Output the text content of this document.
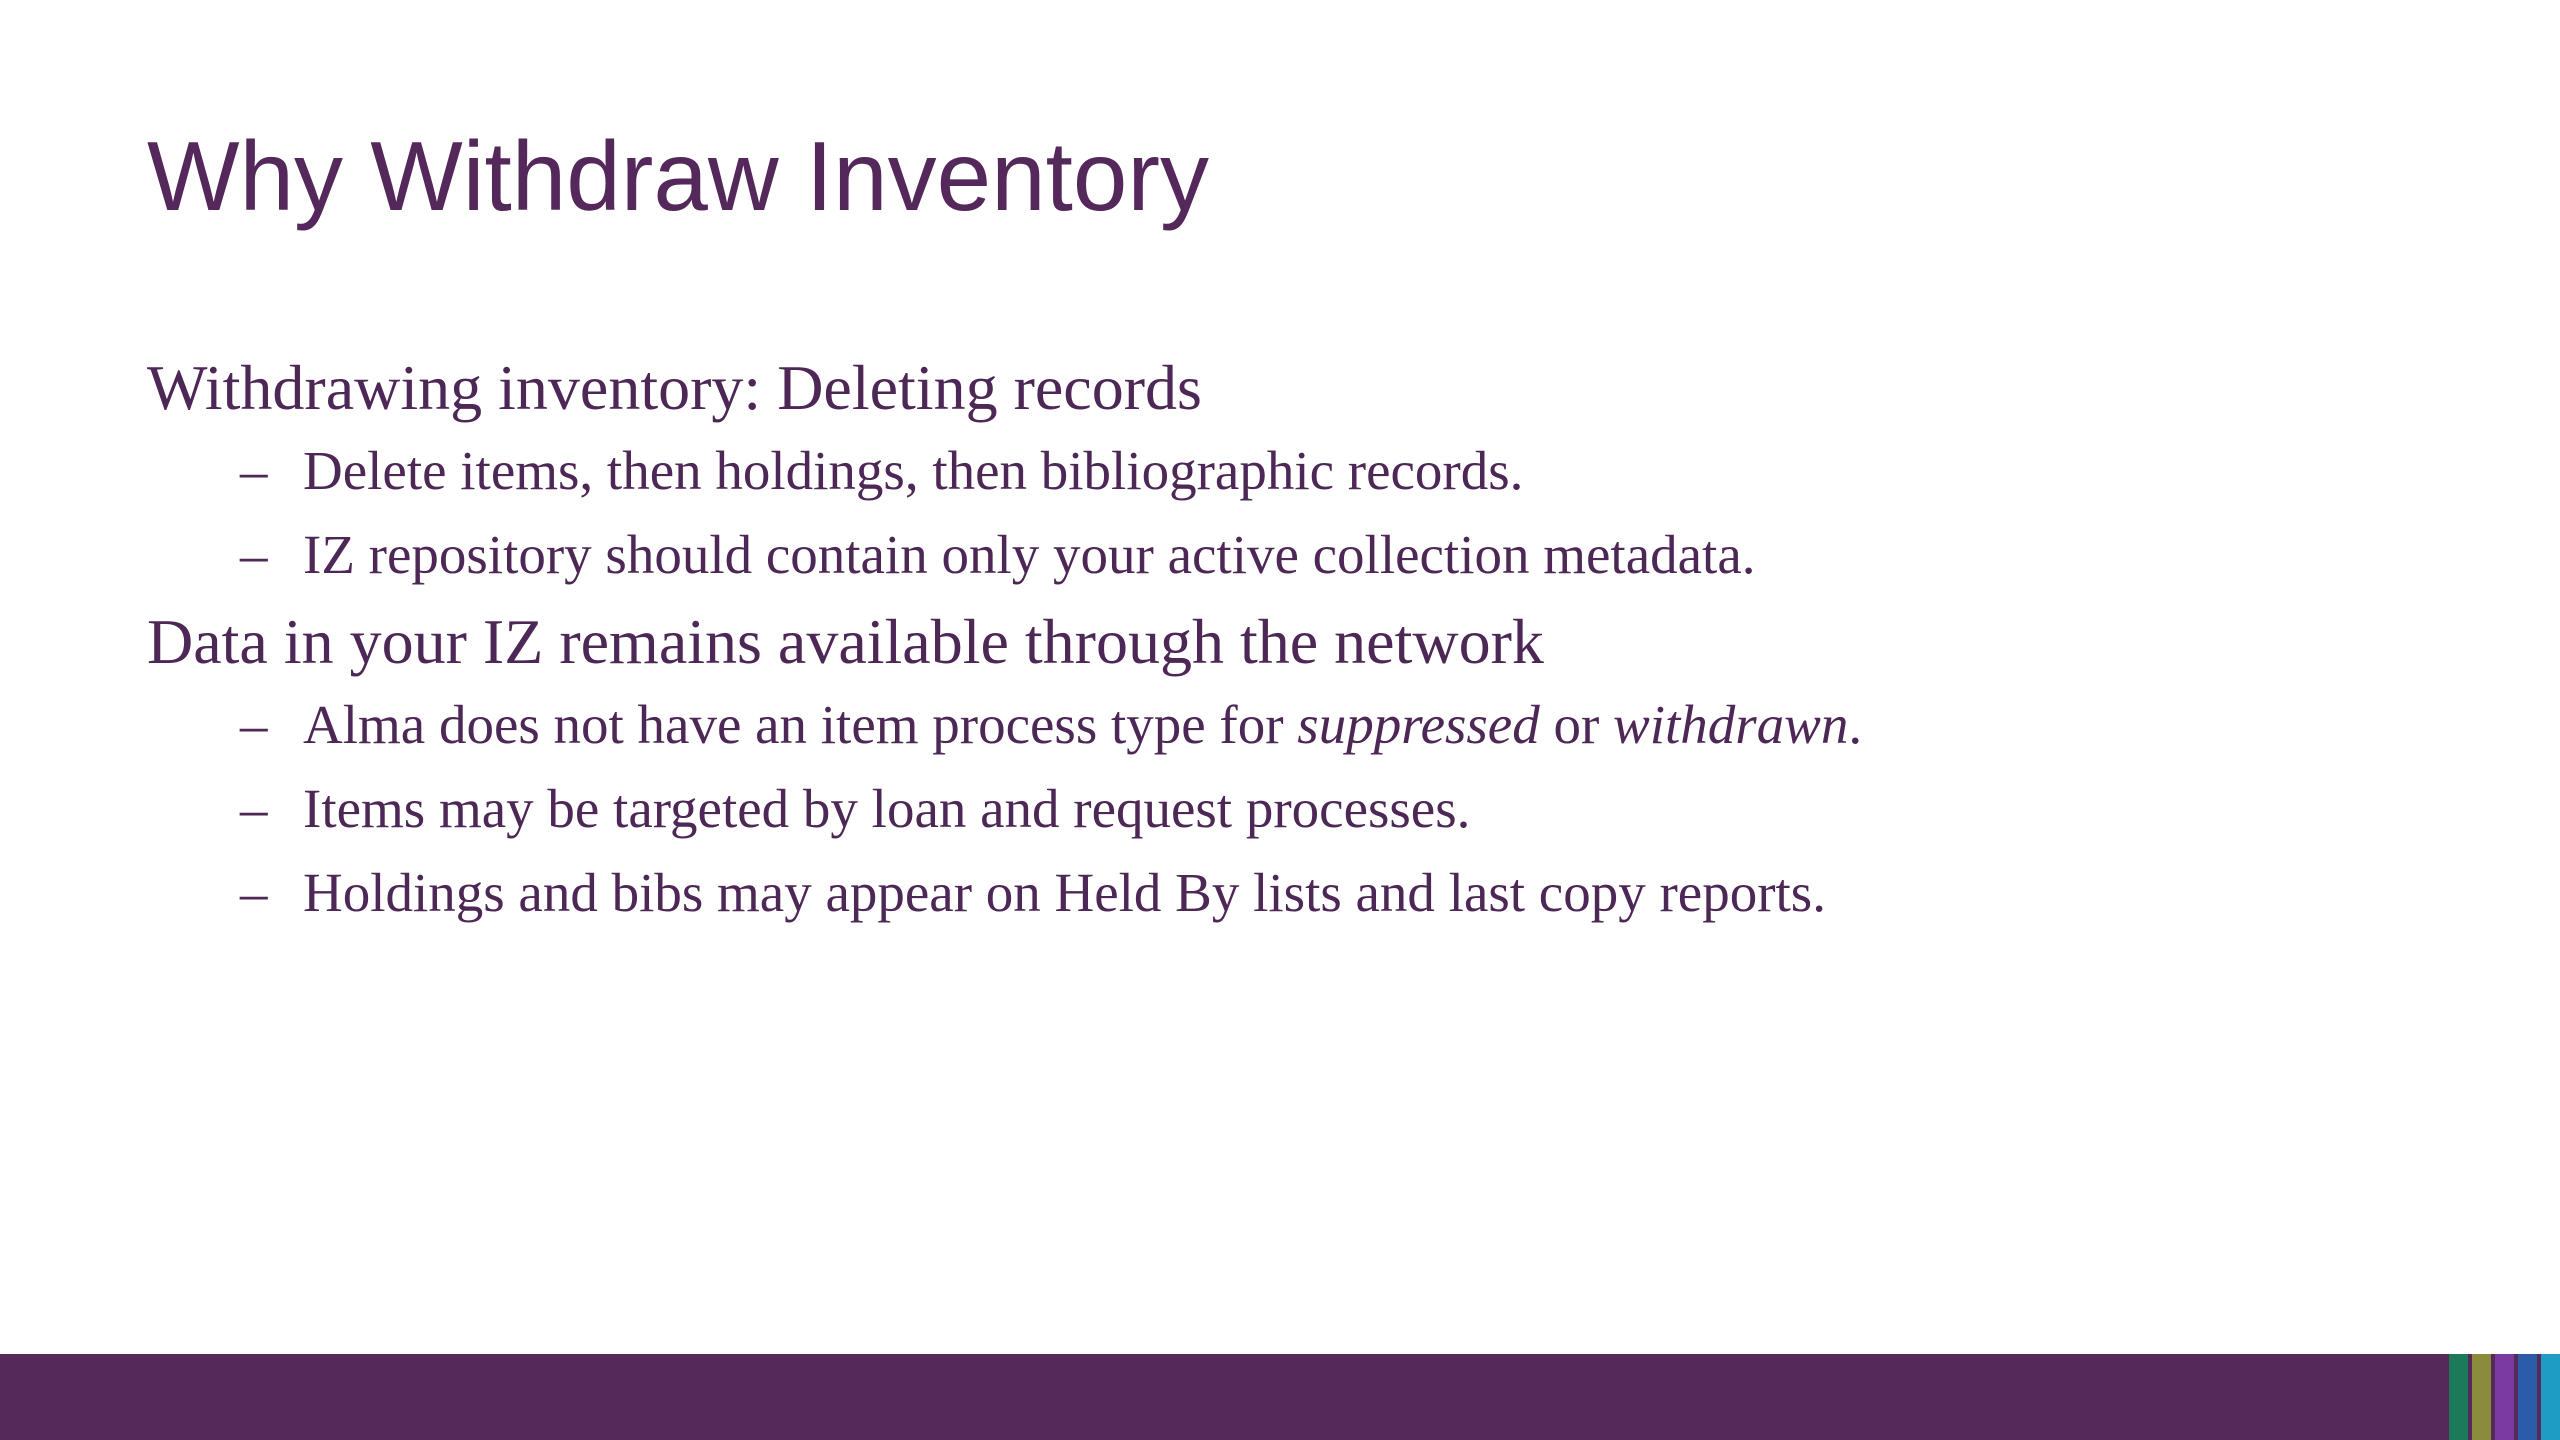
Why Withdraw Inventory

Withdrawing inventory: Deleting records

– Delete items, then holdings, then bibliographic records.

– IZ repository should contain only your active collection metadata.

Data in your IZ remains available through the network

– Alma does not have an item process type for suppressed or withdrawn.

– Items may be targeted by loan and request processes.

– Holdings and bibs may appear on Held By lists and last copy reports.
